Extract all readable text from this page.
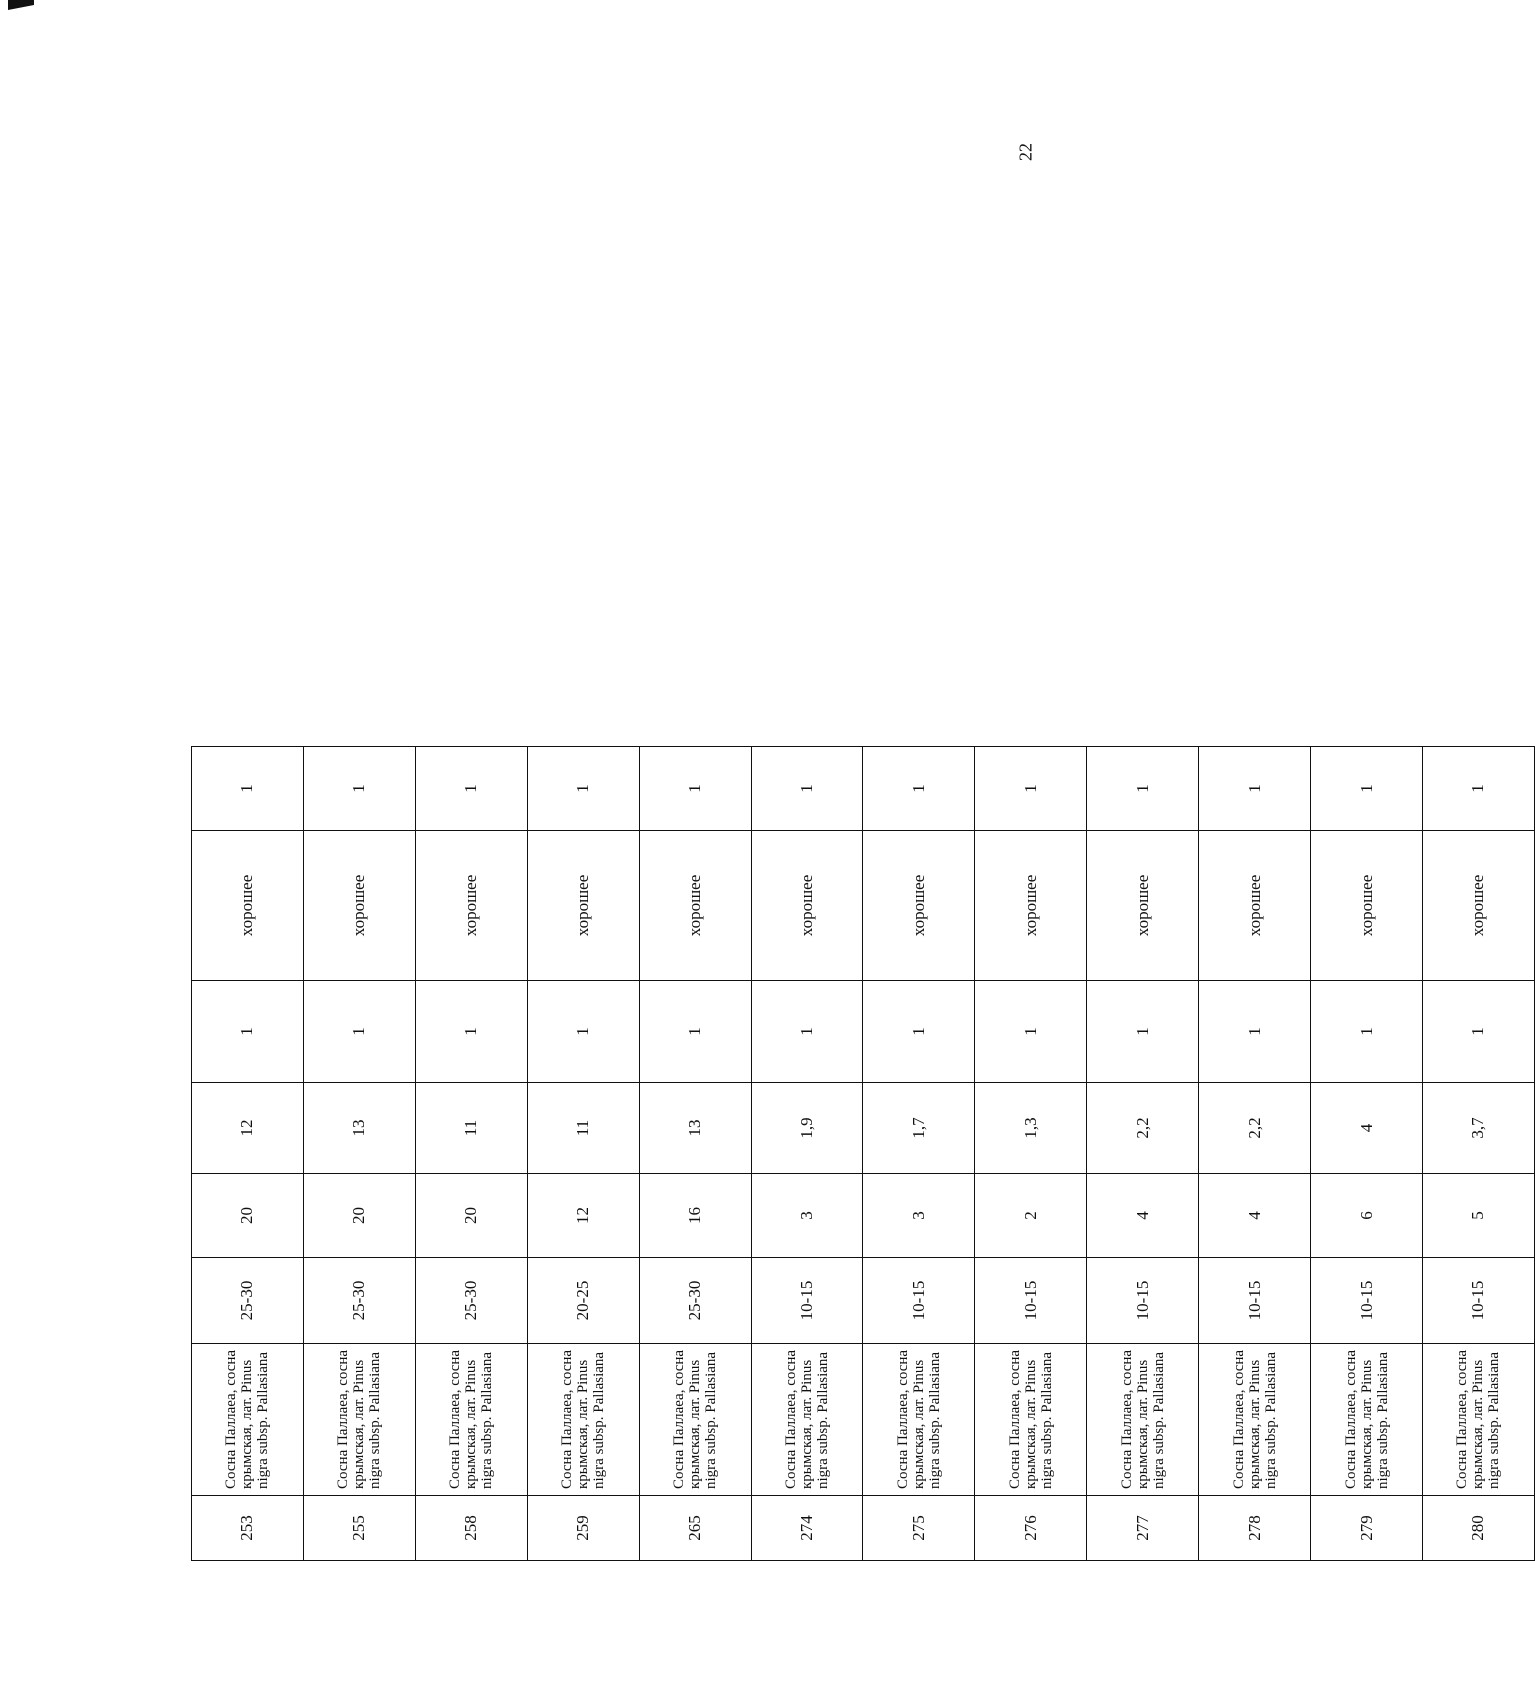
22
253	Сосна Паллаеа, сосна крымская, лат. Pinus nigra subsp. Pallasiana	25-30	20	12	1	хорошее	1		
255	Сосна Паллаеа, сосна крымская, лат. Pinus nigra subsp. Pallasiana	25-30	20	13	1	хорошее	1		
258	Сосна Паллаеа, сосна крымская, лат. Pinus nigra subsp. Pallasiana	25-30	20	11	1	хорошее	1		
259	Сосна Паллаеа, сосна крымская, лат. Pinus nigra subsp. Pallasiana	20-25	12	11	1	хорошее	1		
265	Сосна Паллаеа, сосна крымская, лат. Pinus nigra subsp. Pallasiana	25-30	16	13	1	хорошее	1		
274	Сосна Паллаеа, сосна крымская, лат. Pinus nigra subsp. Pallasiana	10-15	3	1,9	1	хорошее	1		
275	Сосна Паллаеа, сосна крымская, лат. Pinus nigra subsp. Pallasiana	10-15	3	1,7	1	хорошее	1		
276	Сосна Паллаеа, сосна крымская, лат. Pinus nigra subsp. Pallasiana	10-15	2	1,3	1	хорошее	1		
277	Сосна Паллаеа, сосна крымская, лат. Pinus nigra subsp. Pallasiana	10-15	4	2,2	1	хорошее	1		
278	Сосна Паллаеа, сосна крымская, лат. Pinus nigra subsp. Pallasiana	10-15	4	2,2	1	хорошее	1		
279	Сосна Паллаеа, сосна крымская, лат. Pinus nigra subsp. Pallasiana	10-15	6	4	1	хорошее	1		
280	Сосна Паллаеа, сосна крымская, лат. Pinus nigra subsp. Pallasiana	10-15	5	3,7	1	хорошее	1		
